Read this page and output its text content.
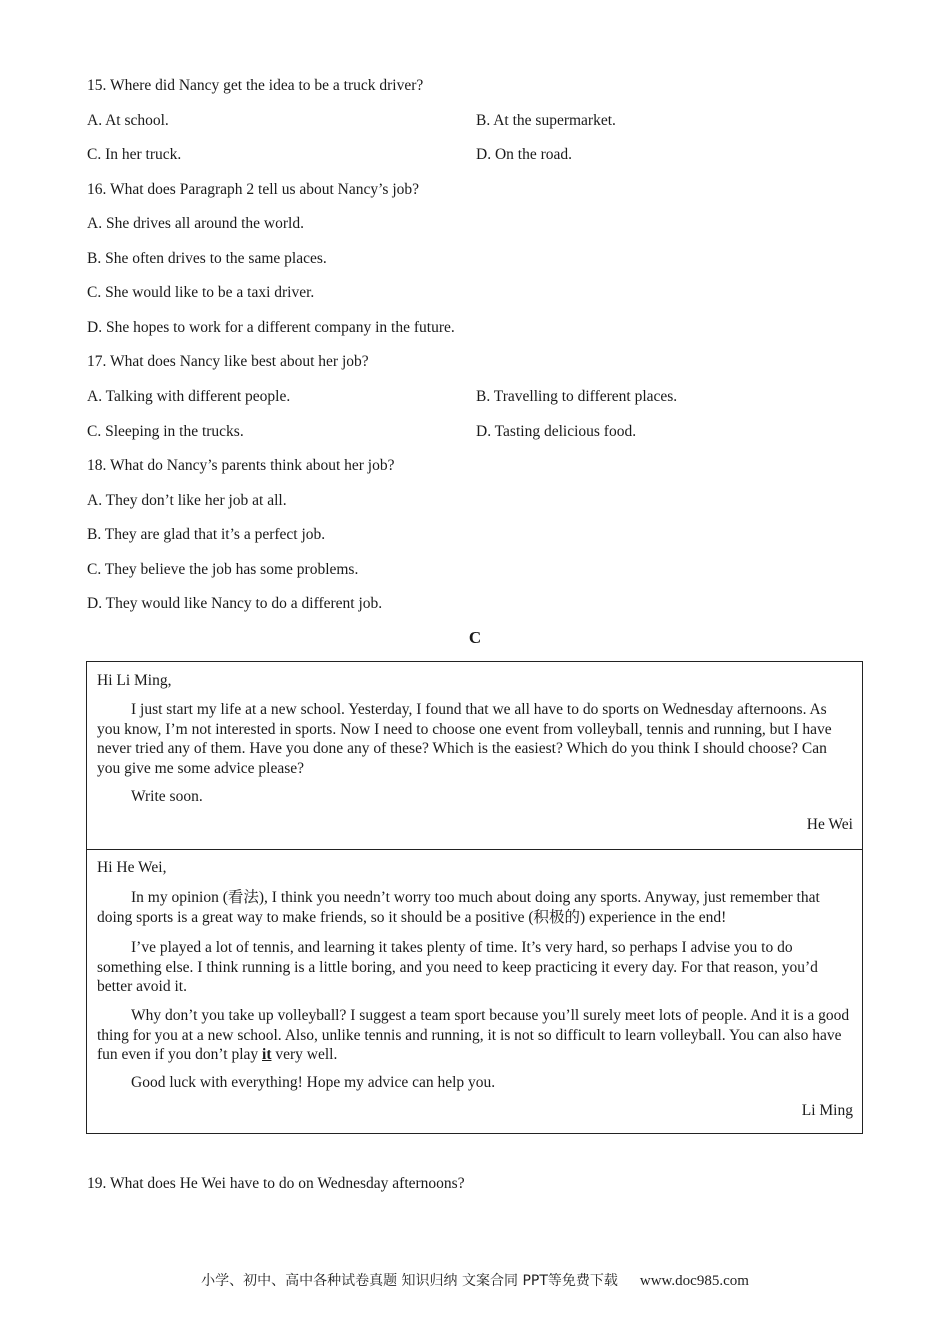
15. Where did Nancy get the idea to be a truck driver?
A. At school.	B. At the supermarket.
C. In her truck.	D. On the road.
16. What does Paragraph 2 tell us about Nancy’s job?
A. She drives all around the world.
B. She often drives to the same places.
C. She would like to be a taxi driver.
D. She hopes to work for a different company in the future.
17. What does Nancy like best about her job?
A. Talking with different people.	B. Travelling to different places.
C. Sleeping in the trucks.	D. Tasting delicious food.
18. What do Nancy’s parents think about her job?
A. They don’t like her job at all.
B. They are glad that it’s a perfect job.
C. They believe the job has some problems.
D. They would like Nancy to do a different job.
C
Hi Li Ming,
I just start my life at a new school. Yesterday, I found that we all have to do sports on Wednesday afternoons. As you know, I’m not interested in sports. Now I need to choose one event from volleyball, tennis and running, but I have never tried any of them. Have you done any of these? Which is the easiest? Which do you think I should choose? Can you give me some advice please?
Write soon.
He Wei
Hi He Wei,
In my opinion (看法), I think you needn’t worry too much about doing any sports. Anyway, just remember that doing sports is a great way to make friends, so it should be a positive (积极的) experience in the end!
I’ve played a lot of tennis, and learning it takes plenty of time. It’s very hard, so perhaps I advise you to do something else. I think running is a little boring, and you need to keep practicing it every day. For that reason, you’d better avoid it.
Why don’t you take up volleyball? I suggest a team sport because you’ll surely meet lots of people. And it is a good thing for you at a new school. Also, unlike tennis and running, it is not so difficult to learn volleyball. You can also have fun even if you don’t play it very well.
Good luck with everything! Hope my advice can help you.
Li Ming
19. What does He Wei have to do on Wednesday afternoons?
小学、初中、高中各种试卷真题 知识归纳 文案合同 PPT等免费下载 www.doc985.com
